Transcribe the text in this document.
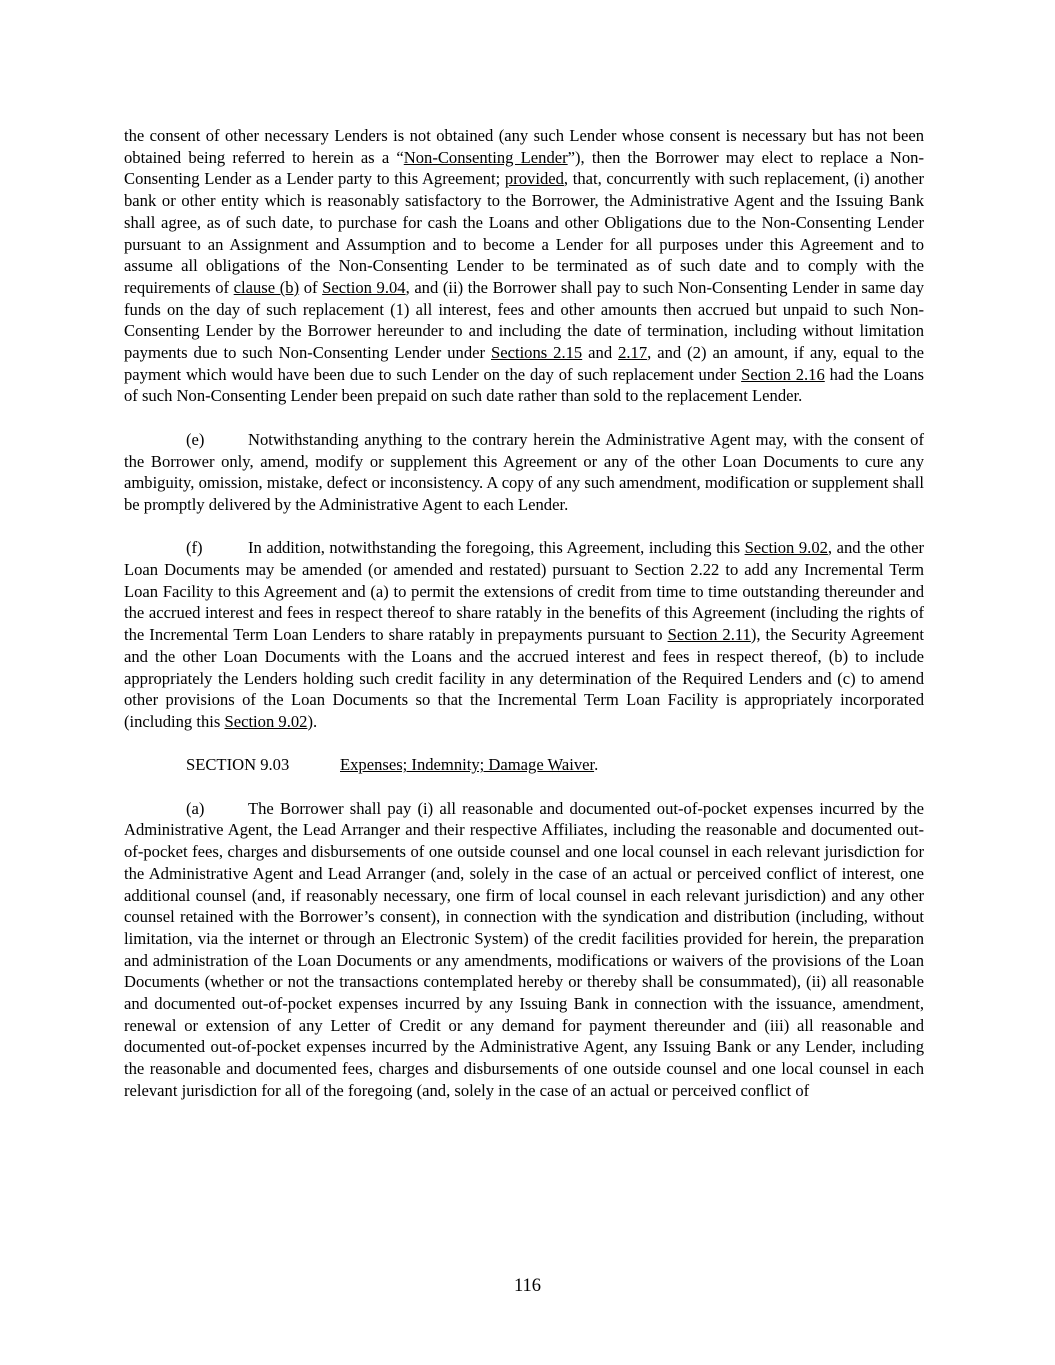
the consent of other necessary Lenders is not obtained (any such Lender whose consent is necessary but has not been obtained being referred to herein as a “Non-Consenting Lender”), then the Borrower may elect to replace a Non-Consenting Lender as a Lender party to this Agreement; provided, that, concurrently with such replacement, (i) another bank or other entity which is reasonably satisfactory to the Borrower, the Administrative Agent and the Issuing Bank shall agree, as of such date, to purchase for cash the Loans and other Obligations due to the Non-Consenting Lender pursuant to an Assignment and Assumption and to become a Lender for all purposes under this Agreement and to assume all obligations of the Non-Consenting Lender to be terminated as of such date and to comply with the requirements of clause (b) of Section 9.04, and (ii) the Borrower shall pay to such Non-Consenting Lender in same day funds on the day of such replacement (1) all interest, fees and other amounts then accrued but unpaid to such Non-Consenting Lender by the Borrower hereunder to and including the date of termination, including without limitation payments due to such Non-Consenting Lender under Sections 2.15 and 2.17, and (2) an amount, if any, equal to the payment which would have been due to such Lender on the day of such replacement under Section 2.16 had the Loans of such Non-Consenting Lender been prepaid on such date rather than sold to the replacement Lender.

(e)	Notwithstanding anything to the contrary herein the Administrative Agent may, with the consent of the Borrower only, amend, modify or supplement this Agreement or any of the other Loan Documents to cure any ambiguity, omission, mistake, defect or inconsistency. A copy of any such amendment, modification or supplement shall be promptly delivered by the Administrative Agent to each Lender.

(f)	In addition, notwithstanding the foregoing, this Agreement, including this Section 9.02, and the other Loan Documents may be amended (or amended and restated) pursuant to Section 2.22 to add any Incremental Term Loan Facility to this Agreement and (a) to permit the extensions of credit from time to time outstanding thereunder and the accrued interest and fees in respect thereof to share ratably in the benefits of this Agreement (including the rights of the Incremental Term Loan Lenders to share ratably in prepayments pursuant to Section 2.11), the Security Agreement and the other Loan Documents with the Loans and the accrued interest and fees in respect thereof, (b) to include appropriately the Lenders holding such credit facility in any determination of the Required Lenders and (c) to amend other provisions of the Loan Documents so that the Incremental Term Loan Facility is appropriately incorporated (including this Section 9.02).

SECTION 9.03	Expenses; Indemnity; Damage Waiver.

(a)	The Borrower shall pay (i) all reasonable and documented out-of-pocket expenses incurred by the Administrative Agent, the Lead Arranger and their respective Affiliates, including the reasonable and documented out-of-pocket fees, charges and disbursements of one outside counsel and one local counsel in each relevant jurisdiction for the Administrative Agent and Lead Arranger (and, solely in the case of an actual or perceived conflict of interest, one additional counsel (and, if reasonably necessary, one firm of local counsel in each relevant jurisdiction) and any other counsel retained with the Borrower’s consent), in connection with the syndication and distribution (including, without limitation, via the internet or through an Electronic System) of the credit facilities provided for herein, the preparation and administration of the Loan Documents or any amendments, modifications or waivers of the provisions of the Loan Documents (whether or not the transactions contemplated hereby or thereby shall be consummated), (ii) all reasonable and documented out-of-pocket expenses incurred by any Issuing Bank in connection with the issuance, amendment, renewal or extension of any Letter of Credit or any demand for payment thereunder and (iii) all reasonable and documented out-of-pocket expenses incurred by the Administrative Agent, any Issuing Bank or any Lender, including the reasonable and documented fees, charges and disbursements of one outside counsel and one local counsel in each relevant jurisdiction for all of the foregoing (and, solely in the case of an actual or perceived conflict of

116
